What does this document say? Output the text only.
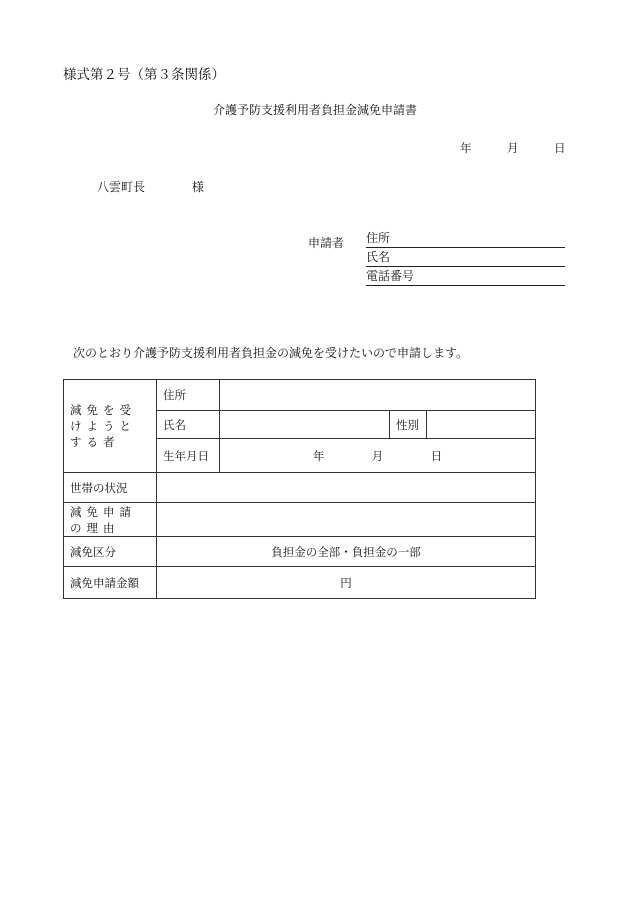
様式第２号（第３条関係）
介護予防支援利用者負担金減免申請書
年	月	日
八雲町長	様
申請者 住所
氏名
電話番号
次のとおり介護予防支援利用者負担金の減免を受けたいので申請します。
減免を受けようとする者	住所			
	氏名		性別	
	生年月日	年 月 日		
世帯の状況				
減免申請の理由				
減免区分	負担金の全部・負担金の一部			
減免申請金額	円			
